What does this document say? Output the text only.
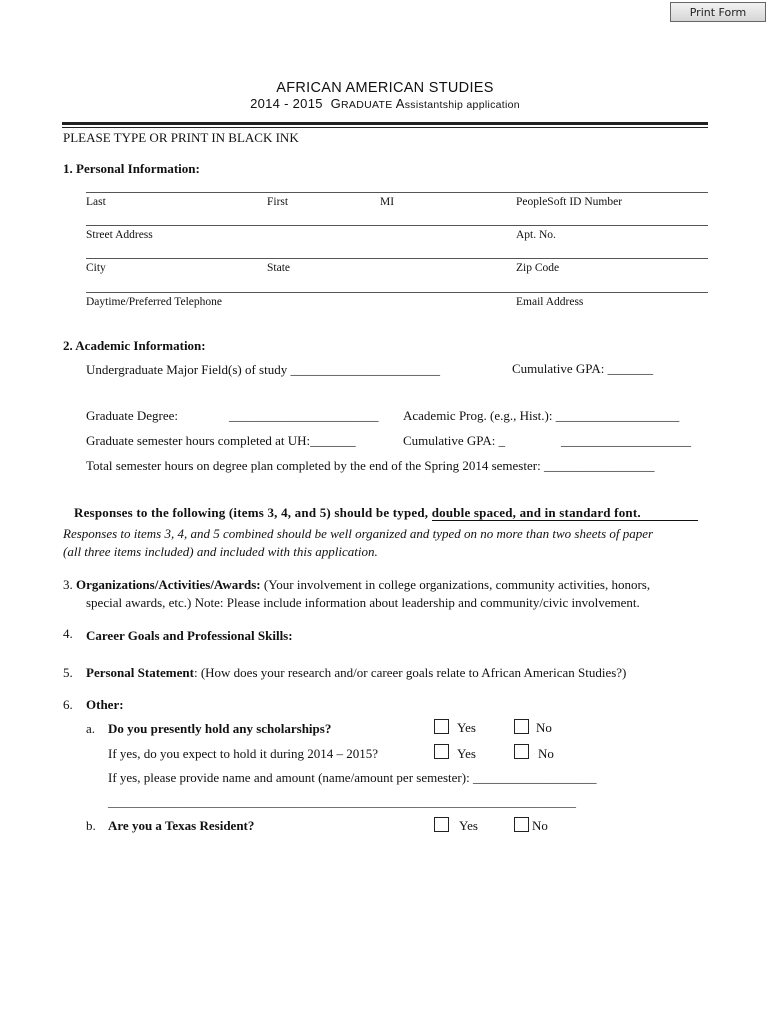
Print Form
AFRICAN AMERICAN STUDIES
2014 - 2015 GRADUATE Assistantship application
PLEASE TYPE OR PRINT IN BLACK INK
1. Personal Information:
Last	First	MI	PeopleSoft ID Number
Street Address	Apt. No.
City	State	Zip Code
Daytime/Preferred Telephone	Email Address
2. Academic Information:
Undergraduate Major Field(s) of study _______________________	Cumulative GPA: _______
Graduate Degree:	_______________________ Academic Prog. (e.g., Hist.): ___________________
Graduate semester hours completed at UH:_______	Cumulative GPA: _	____________________
Total semester hours on degree plan completed by the end of the Spring 2014 semester: _________________
Responses to the following (items 3, 4, and 5) should be typed, double spaced, and in standard font.
Responses to items 3, 4, and 5 combined should be well organized and typed on no more than two sheets of paper
(all three items included) and included with this application.
3. Organizations/Activities/Awards: (Your involvement in college organizations, community activities, honors,
special awards, etc.) Note: Please include information about leadership and community/civic involvement.
4. Career Goals and Professional Skills:
5. Personal Statement: (How does your research and/or career goals relate to African American Studies?)
6. Other:
a. Do you presently hold any scholarships?	Yes	No
If yes, do you expect to hold it during 2014 – 2015?	Yes	No
If yes, please provide name and amount (name/amount per semester): ___________________
______________________________________________________________________________
b. Are you a Texas Resident?	Yes	No
